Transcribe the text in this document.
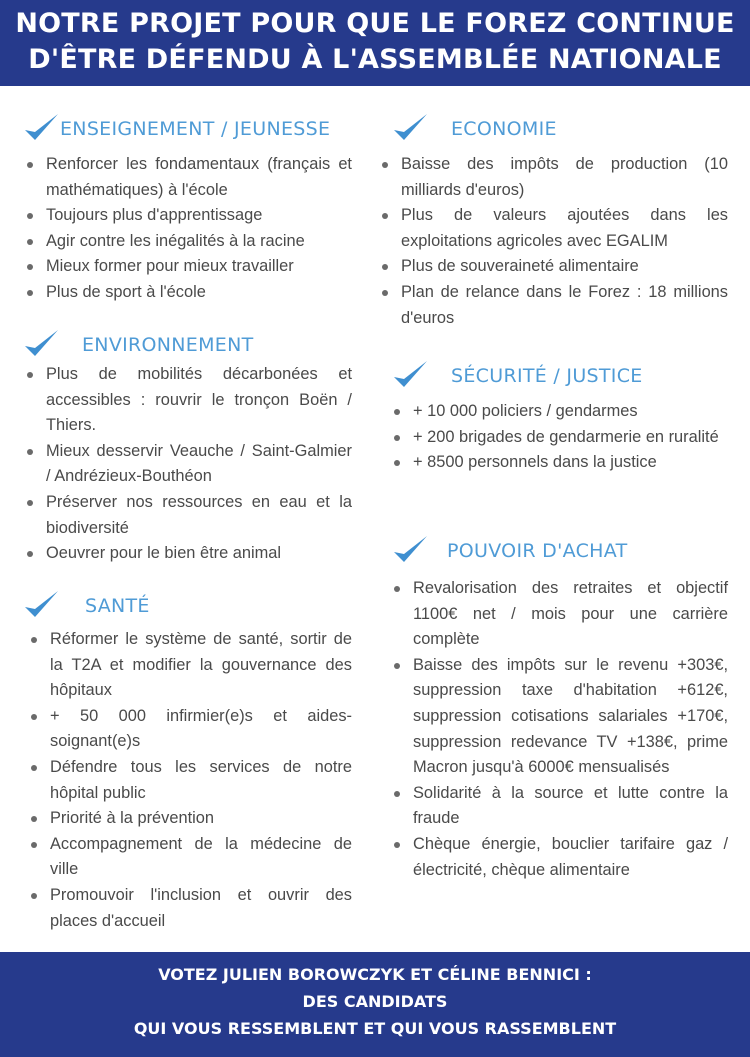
NOTRE PROJET POUR QUE LE FOREZ CONTINUE
D'ÊTRE DÉFENDU À L'ASSEMBLÉE NATIONALE
ENSEIGNEMENT / JEUNESSE
Renforcer les fondamentaux (français et mathématiques) à l'école
Toujours plus d'apprentissage
Agir contre les inégalités à la racine
Mieux former pour mieux travailler
Plus de sport à l'école
ENVIRONNEMENT
Plus de mobilités décarbonées et accessibles : rouvrir le tronçon Boën / Thiers.
Mieux desservir Veauche / Saint-Galmier / Andrézieux-Bouthéon
Préserver nos ressources en eau et la biodiversité
Oeuvrer pour le bien être animal
SANTÉ
Réformer le système de santé, sortir de la T2A et modifier la gouvernance des hôpitaux
+ 50 000 infirmier(e)s et aides-soignant(e)s
Défendre tous les services de notre hôpital public
Priorité à la prévention
Accompagnement de la médecine de ville
Promouvoir l'inclusion et ouvrir des places d'accueil
ECONOMIE
Baisse des impôts de production (10 milliards d'euros)
Plus de valeurs ajoutées dans les exploitations agricoles avec EGALIM
Plus de souveraineté alimentaire
Plan de relance dans le Forez : 18 millions d'euros
SÉCURITÉ / JUSTICE
+ 10 000 policiers / gendarmes
+ 200 brigades de gendarmerie en ruralité
+ 8500 personnels dans la justice
POUVOIR D'ACHAT
Revalorisation des retraites et objectif 1100€ net / mois pour une carrière complète
Baisse des impôts sur le revenu +303€, suppression taxe d'habitation +612€, suppression cotisations salariales +170€, suppression redevance TV +138€, prime Macron jusqu'à 6000€ mensualisés
Solidarité à la source et lutte contre la fraude
Chèque énergie, bouclier tarifaire gaz / électricité, chèque alimentaire
VOTEZ JULIEN BOROWCZYK ET CÉLINE BENNICI :
DES CANDIDATS
QUI VOUS RESSEMBLENT ET QUI VOUS RASSEMBLENT
